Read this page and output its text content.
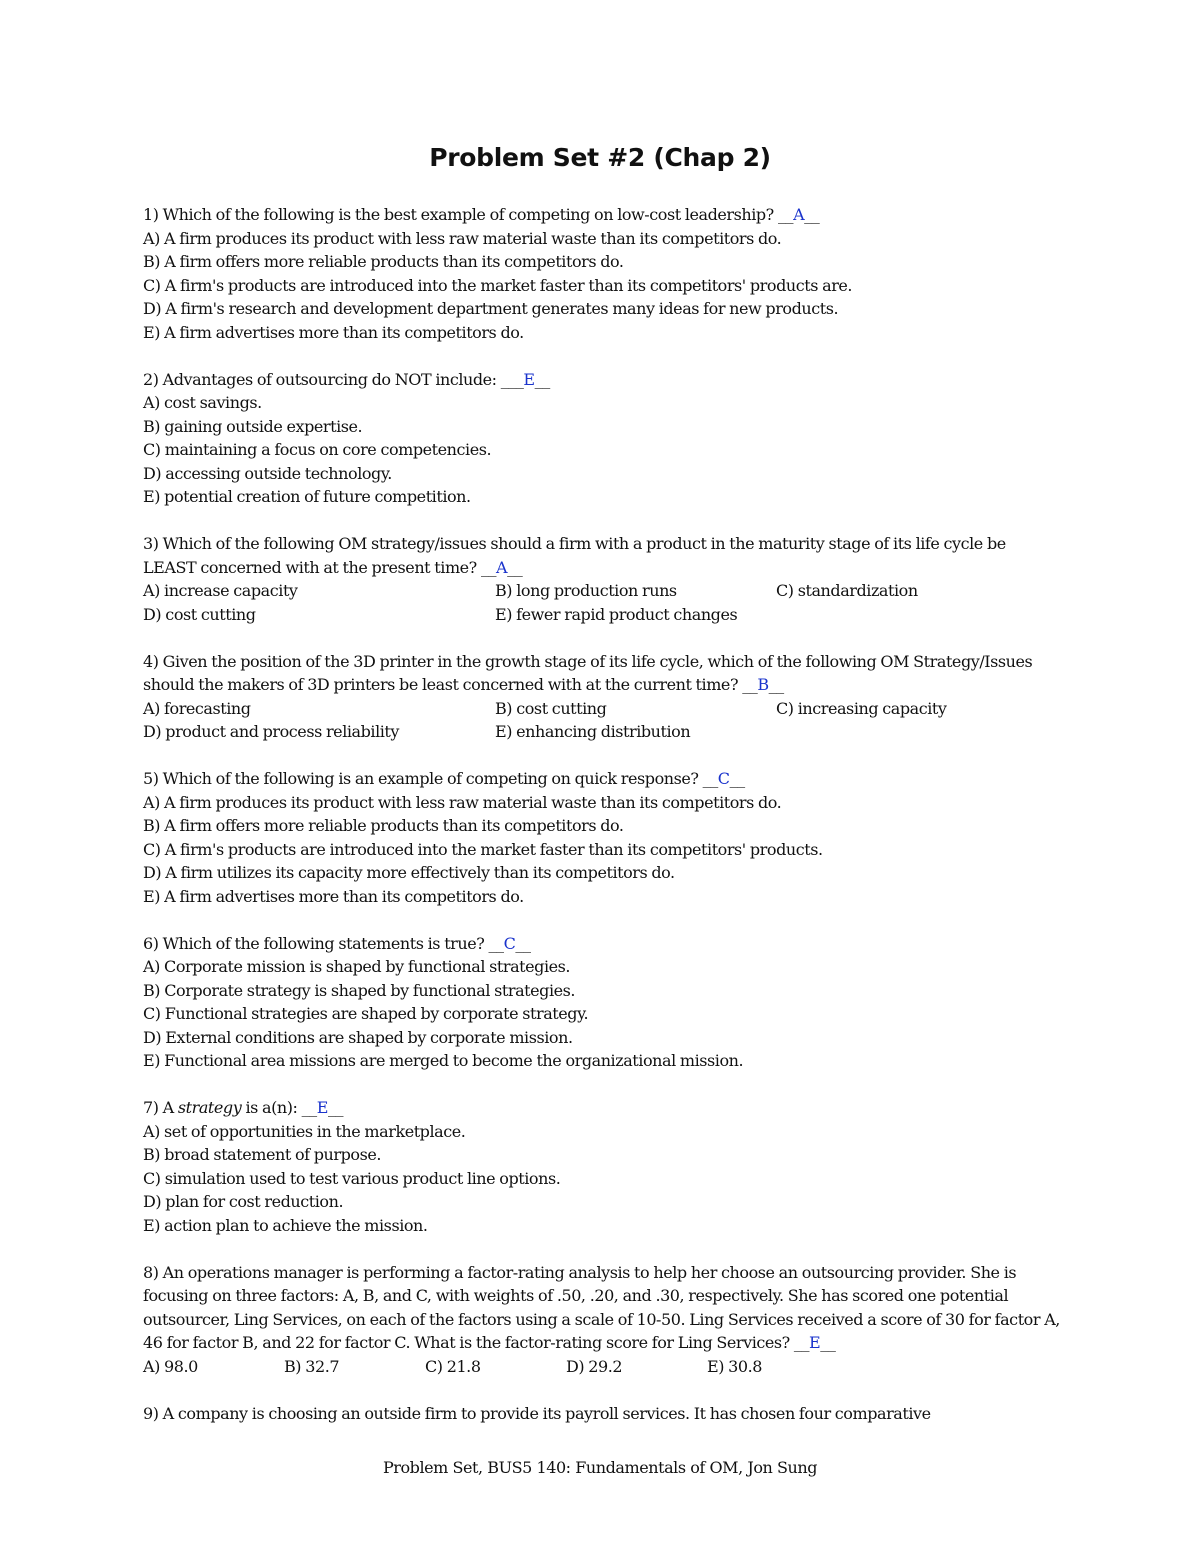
Problem Set #2 (Chap 2)
1) Which of the following is the best example of competing on low-cost leadership? __A__
A) A firm produces its product with less raw material waste than its competitors do.
B) A firm offers more reliable products than its competitors do.
C) A firm's products are introduced into the market faster than its competitors' products are.
D) A firm's research and development department generates many ideas for new products.
E) A firm advertises more than its competitors do.
2) Advantages of outsourcing do NOT include: ___E__
A) cost savings.
B) gaining outside expertise.
C) maintaining a focus on core competencies.
D) accessing outside technology.
E) potential creation of future competition.
3) Which of the following OM strategy/issues should a firm with a product in the maturity stage of its life cycle be LEAST concerned with at the present time? __A__
A) increase capacity	B) long production runs	C) standardization
D) cost cutting	E) fewer rapid product changes
4) Given the position of the 3D printer in the growth stage of its life cycle, which of the following OM Strategy/Issues should the makers of 3D printers be least concerned with at the current time? __B__
A) forecasting	B) cost cutting	C) increasing capacity
D) product and process reliability	E) enhancing distribution
5) Which of the following is an example of competing on quick response? __C__
A) A firm produces its product with less raw material waste than its competitors do.
B) A firm offers more reliable products than its competitors do.
C) A firm's products are introduced into the market faster than its competitors' products.
D) A firm utilizes its capacity more effectively than its competitors do.
E) A firm advertises more than its competitors do.
6) Which of the following statements is true? __C__
A) Corporate mission is shaped by functional strategies.
B) Corporate strategy is shaped by functional strategies.
C) Functional strategies are shaped by corporate strategy.
D) External conditions are shaped by corporate mission.
E) Functional area missions are merged to become the organizational mission.
7) A strategy is a(n): __E__
A) set of opportunities in the marketplace.
B) broad statement of purpose.
C) simulation used to test various product line options.
D) plan for cost reduction.
E) action plan to achieve the mission.
8) An operations manager is performing a factor-rating analysis to help her choose an outsourcing provider. She is focusing on three factors: A, B, and C, with weights of .50, .20, and .30, respectively. She has scored one potential outsourcer, Ling Services, on each of the factors using a scale of 10-50. Ling Services received a score of 30 for factor A, 46 for factor B, and 22 for factor C. What is the factor-rating score for Ling Services? __E__
A) 98.0	B) 32.7	C) 21.8	D) 29.2	E) 30.8
9) A company is choosing an outside firm to provide its payroll services. It has chosen four comparative
Problem Set, BUS5 140: Fundamentals of OM, Jon Sung
